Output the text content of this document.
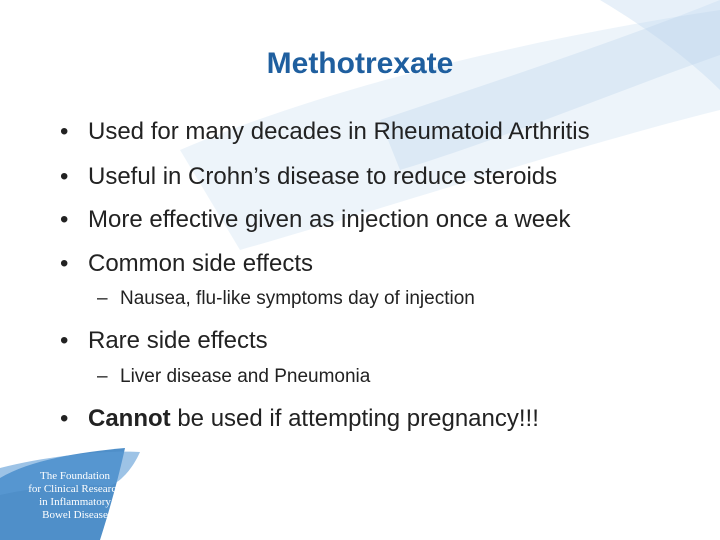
Methotrexate
• Used for many decades in Rheumatoid Arthritis
• Useful in Crohn’s disease to reduce steroids
• More effective given as injection once a week
• Common side effects
– Nausea, flu-like symptoms day of injection
• Rare side effects
– Liver disease and Pneumonia
• Cannot be used if attempting pregnancy!!!
The Foundation
for Clinical Research
in Inflammatory
Bowel Disease
